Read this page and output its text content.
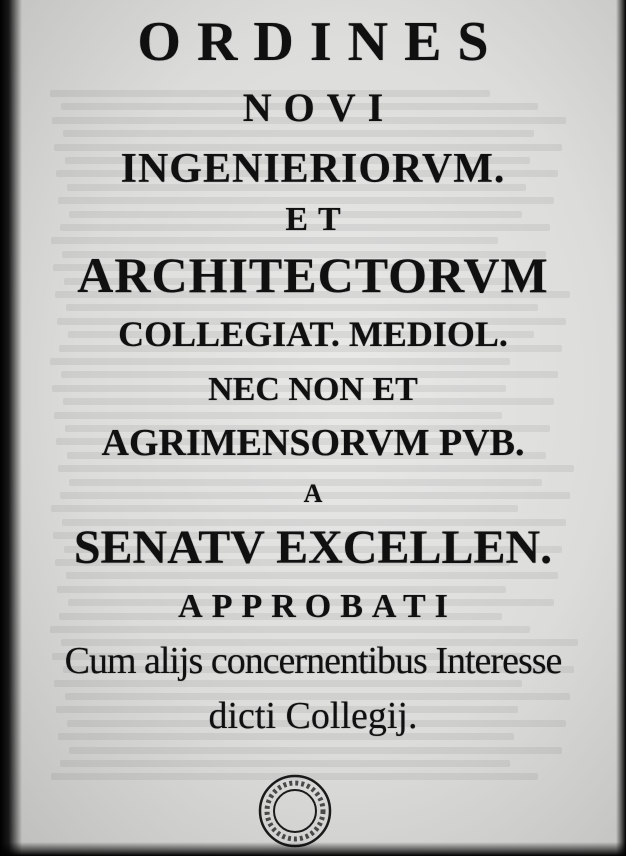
ORDINES
NOVI
INGENIERIORVM.
ET
ARCHITECTORVM
COLLEGIAT. MEDIOL.
NEC NON ET
AGRIMENSORVM PVB.
A
SENATV EXCELLEN.
APPROBATI
Cum alijs concernentibus Interesse
dicti Collegij.
